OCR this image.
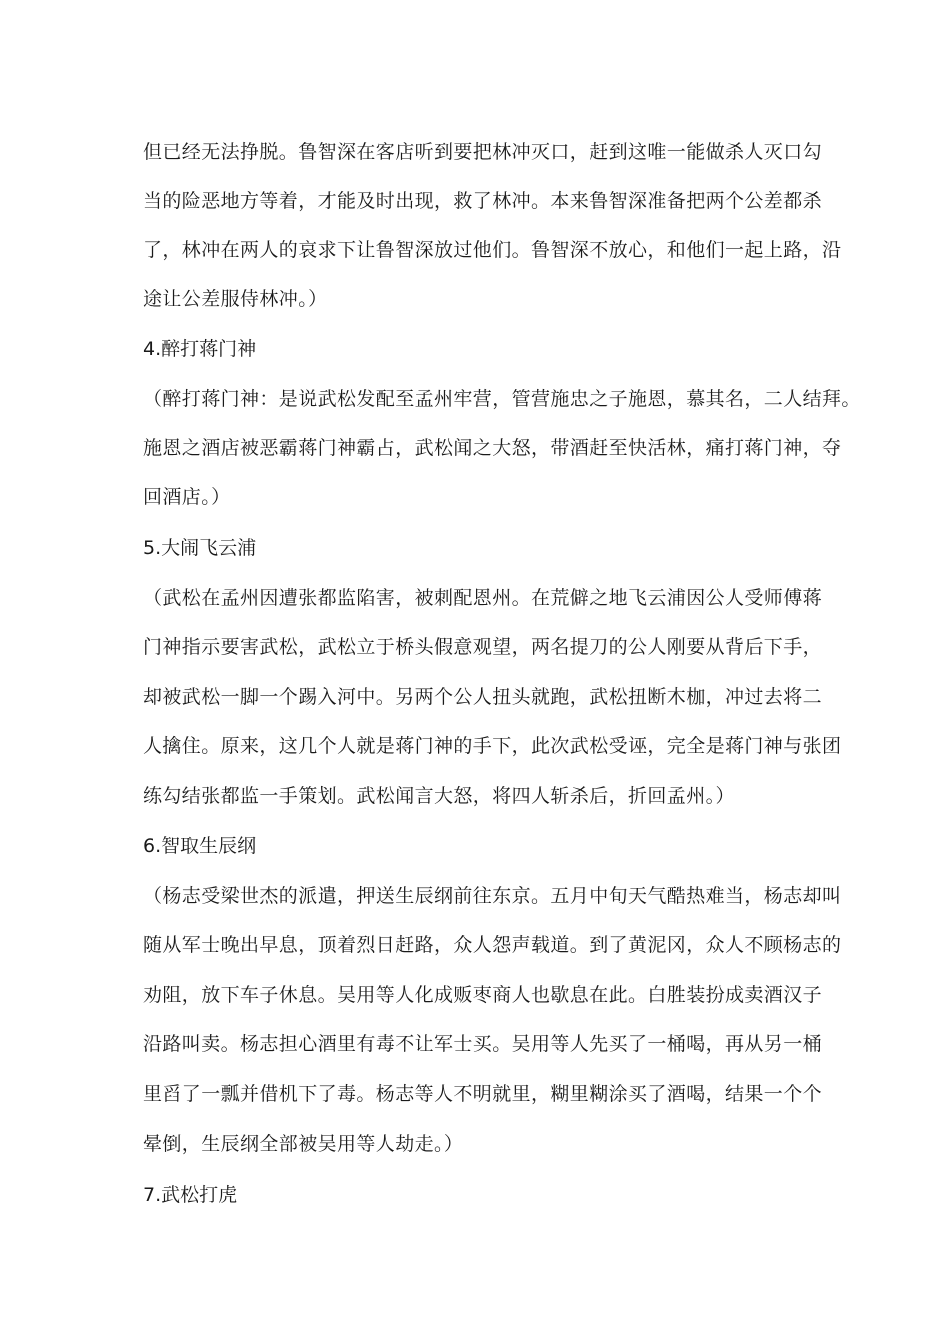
但已经无法挣脱。鲁智深在客店听到要把林冲灭口，赶到这唯一能做杀人灭口勾
当的险恶地方等着，才能及时出现，救了林冲。本来鲁智深准备把两个公差都杀
了，林冲在两人的哀求下让鲁智深放过他们。鲁智深不放心，和他们一起上路，沿
途让公差服侍林冲。）
4.醉打蒋门神
（醉打蒋门神：是说武松发配至孟州牢营，管营施忠之子施恩，慕其名，二人结拜。
施恩之酒店被恶霸蒋门神霸占，武松闻之大怒，带酒赶至快活林，痛打蒋门神，夺
回酒店。）
5.大闹飞云浦
（武松在孟州因遭张都监陷害，被刺配恩州。在荒僻之地飞云浦因公人受师傅蒋
门神指示要害武松，武松立于桥头假意观望，两名提刀的公人刚要从背后下手，
却被武松一脚一个踢入河中。另两个公人扭头就跑，武松扭断木枷，冲过去将二
人擒住。原来，这几个人就是蒋门神的手下，此次武松受诬，完全是蒋门神与张团
练勾结张都监一手策划。武松闻言大怒，将四人斩杀后，折回孟州。）
6.智取生辰纲
（杨志受梁世杰的派遣，押送生辰纲前往东京。五月中旬天气酷热难当，杨志却叫
随从军士晚出早息，顶着烈日赶路，众人怨声载道。到了黄泥冈，众人不顾杨志的
劝阻，放下车子休息。吴用等人化成贩枣商人也歇息在此。白胜装扮成卖酒汉子
沿路叫卖。杨志担心酒里有毒不让军士买。吴用等人先买了一桶喝，再从另一桶
里舀了一瓢并借机下了毒。杨志等人不明就里，糊里糊涂买了酒喝，结果一个个
晕倒，生辰纲全部被吴用等人劫走。）
7.武松打虎
